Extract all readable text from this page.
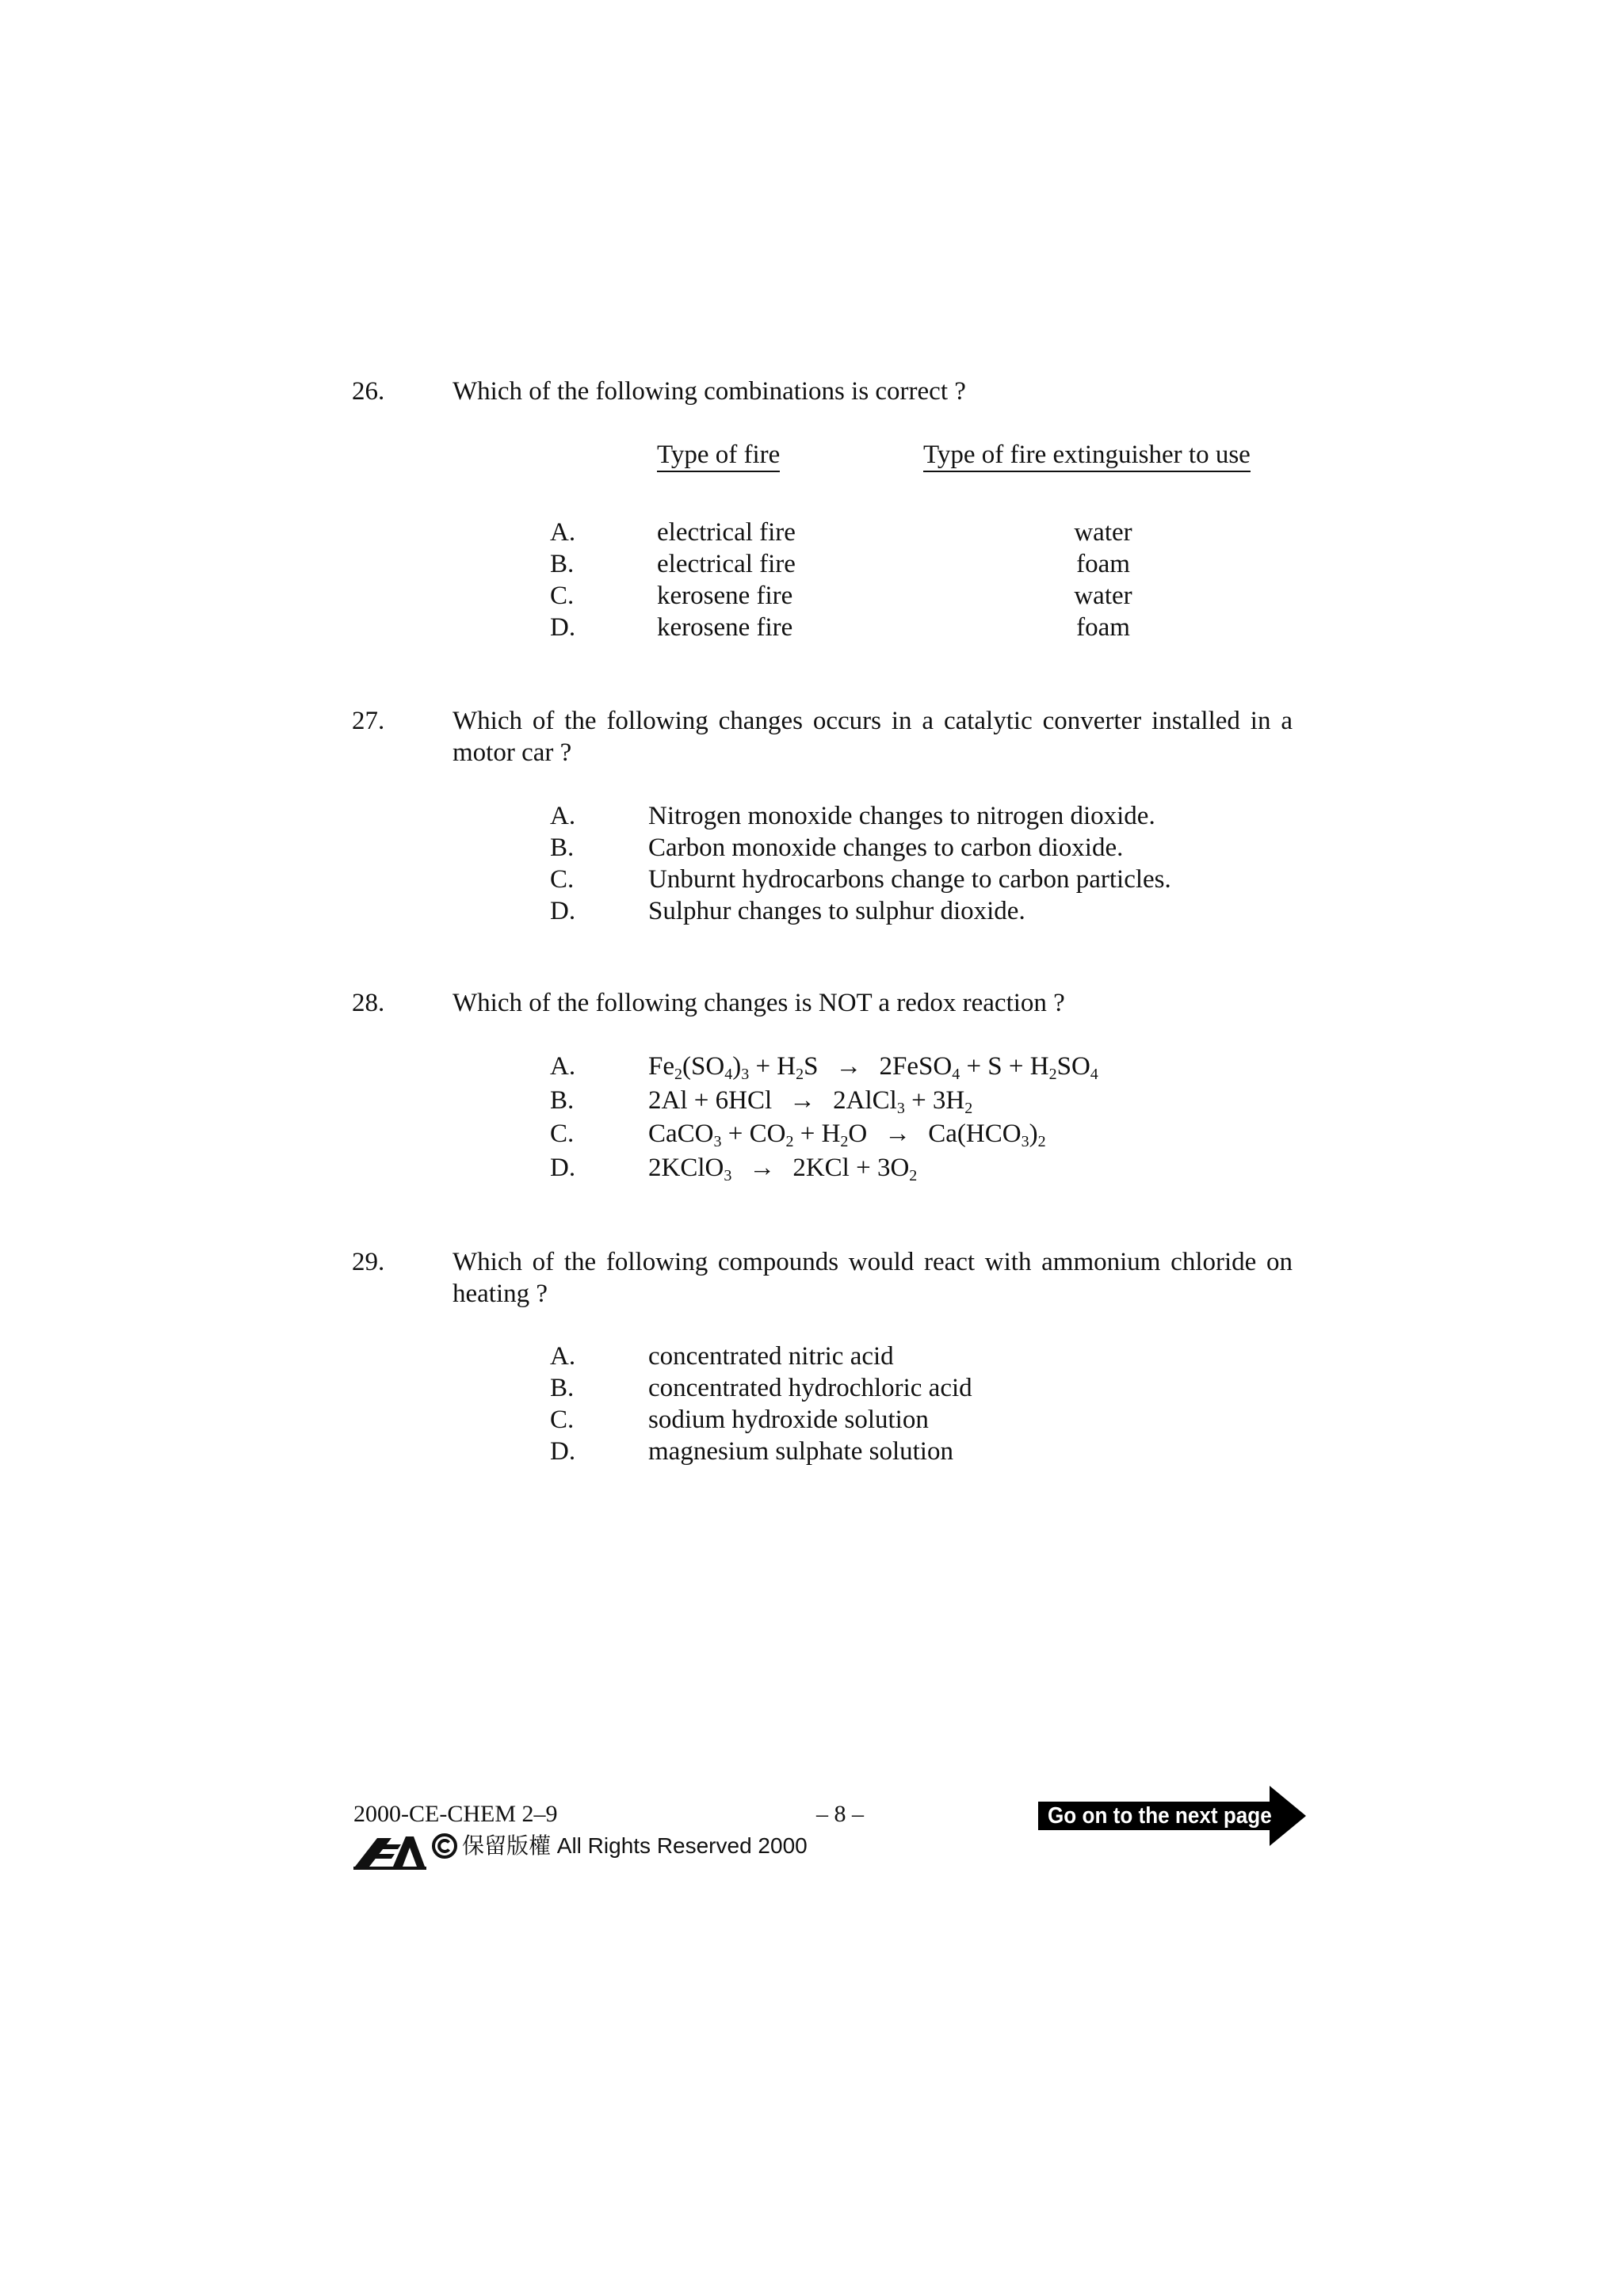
26.	Which of the following combinations is correct ?
Type of fire	Type of fire extinguisher to use
A.	electrical fire	water
B.	electrical fire	foam
C.	kerosene fire	water
D.	kerosene fire	foam
27.	Which of the following changes occurs in a catalytic converter installed in a motor car ?
A.	Nitrogen monoxide changes to nitrogen dioxide.
B.	Carbon monoxide changes to carbon dioxide.
C.	Unburnt hydrocarbons change to carbon particles.
D.	Sulphur changes to sulphur dioxide.
28.	Which of the following changes is NOT a redox reaction ?
A.	$Fe_2(SO_4)_3 + H_2S$ → 2FeSO$_4$ + $S + H_2SO_4$
B.	2Al + 6HCl → 2AlCl$_3$ + $3H_2$
C.	CaCO$_3$ + $CO_2 + H_2O \to Ca(HCO_3)_2$
D.	2KClO$_3$ → $2KCl + 3O_2$
29.	Which of the following compounds would react with ammonium chloride on heating ?
A.	concentrated nitric acid
B.	concentrated hydrochloric acid
C.	sodium hydroxide solution
D.	magnesium sulphate solution
2000-CE-CHEM 2–9	– 8 –
保留版權 All Rights Reserved 2000
Go on to the next page
